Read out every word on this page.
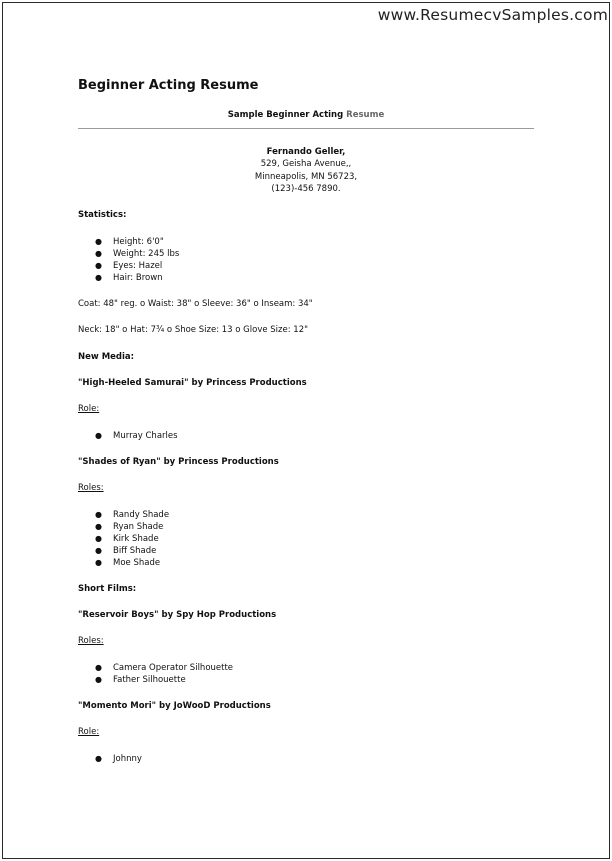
www.ResumecvSamples.com
Beginner Acting Resume
Sample Beginner Acting Resume
Fernando Geller,
529, Geisha Avenue,,
Minneapolis, MN 56723,
(123)-456 7890.
Statistics:
● Height: 6'0"
● Weight: 245 lbs
● Eyes: Hazel
● Hair: Brown
Coat: 48" reg. o Waist: 38" o Sleeve: 36" o Inseam: 34"
Neck: 18" o Hat: 7¾ o Shoe Size: 13 o Glove Size: 12"
New Media:
"High-Heeled Samurai" by Princess Productions
Role:
● Murray Charles
"Shades of Ryan" by Princess Productions
Roles:
● Randy Shade
● Ryan Shade
● Kirk Shade
● Biff Shade
● Moe Shade
Short Films:
"Reservoir Boys" by Spy Hop Productions
Roles:
● Camera Operator Silhouette
● Father Silhouette
"Momento Mori" by JoWooD Productions
Role:
● Johnny
